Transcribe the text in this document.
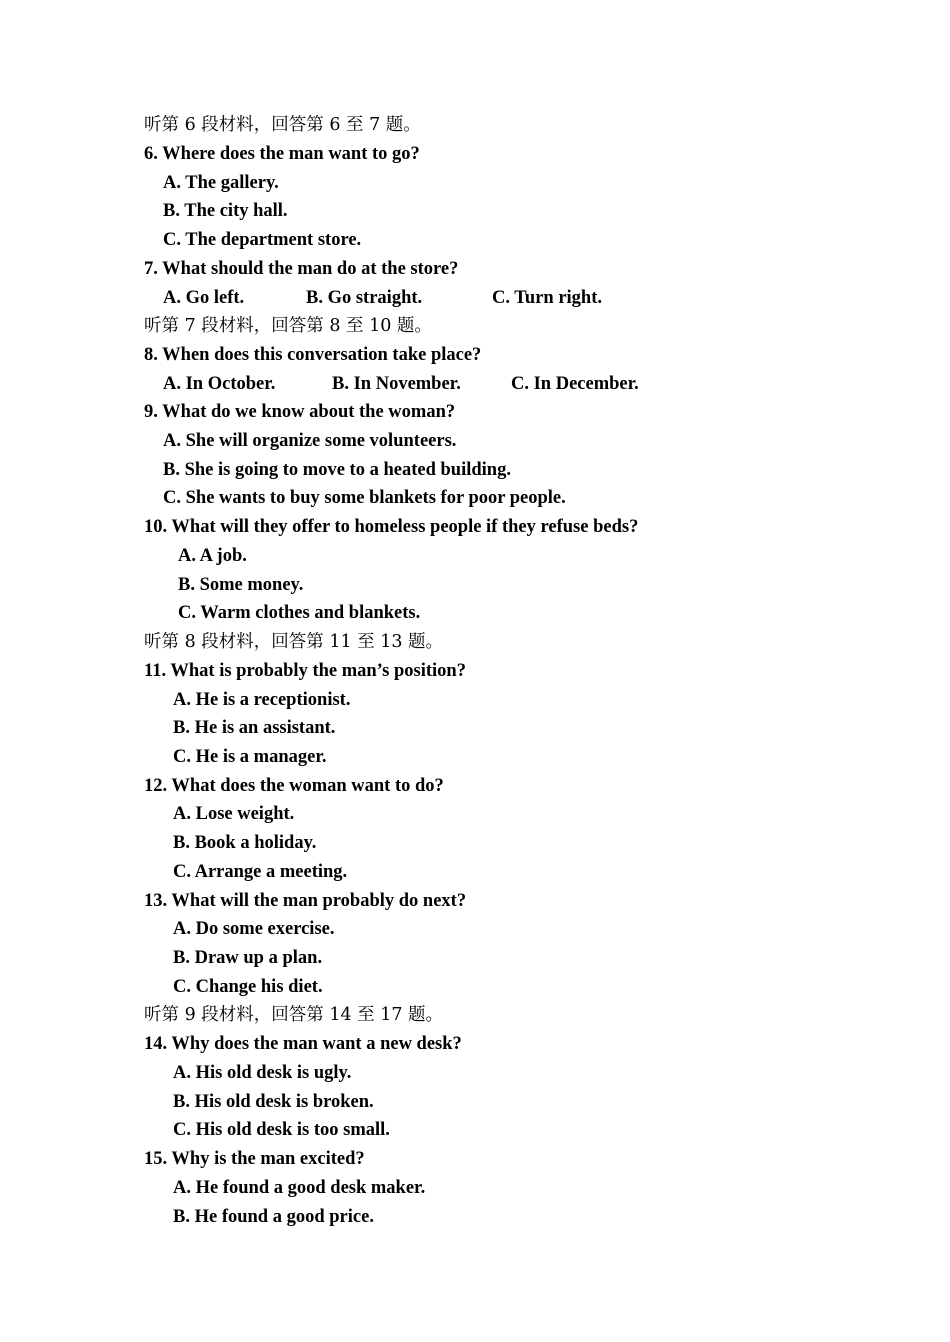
听第 6 段材料，回答第 6 至 7 题。
6. Where does the man want to go?
A. The gallery.
B. The city hall.
C. The department store.
7. What should the man do at the store?
A. Go left.	B. Go straight.	C. Turn right.
听第 7 段材料，回答第 8 至 10 题。
8. When does this conversation take place?
A. In October.	B. In November.	C. In December.
9. What do we know about the woman?
A. She will organize some volunteers.
B. She is going to move to a heated building.
C. She wants to buy some blankets for poor people.
10. What will they offer to homeless people if they refuse beds?
A. A job.
B. Some money.
C. Warm clothes and blankets.
听第 8 段材料，回答第 11 至 13 题。
11. What is probably the man’s position?
A. He is a receptionist.
B. He is an assistant.
C. He is a manager.
12. What does the woman want to do?
A. Lose weight.
B. Book a holiday.
C. Arrange a meeting.
13. What will the man probably do next?
A. Do some exercise.
B. Draw up a plan.
C. Change his diet.
听第 9 段材料，回答第 14 至 17 题。
14. Why does the man want a new desk?
A. His old desk is ugly.
B. His old desk is broken.
C. His old desk is too small.
15. Why is the man excited?
A. He found a good desk maker.
B. He found a good price.
